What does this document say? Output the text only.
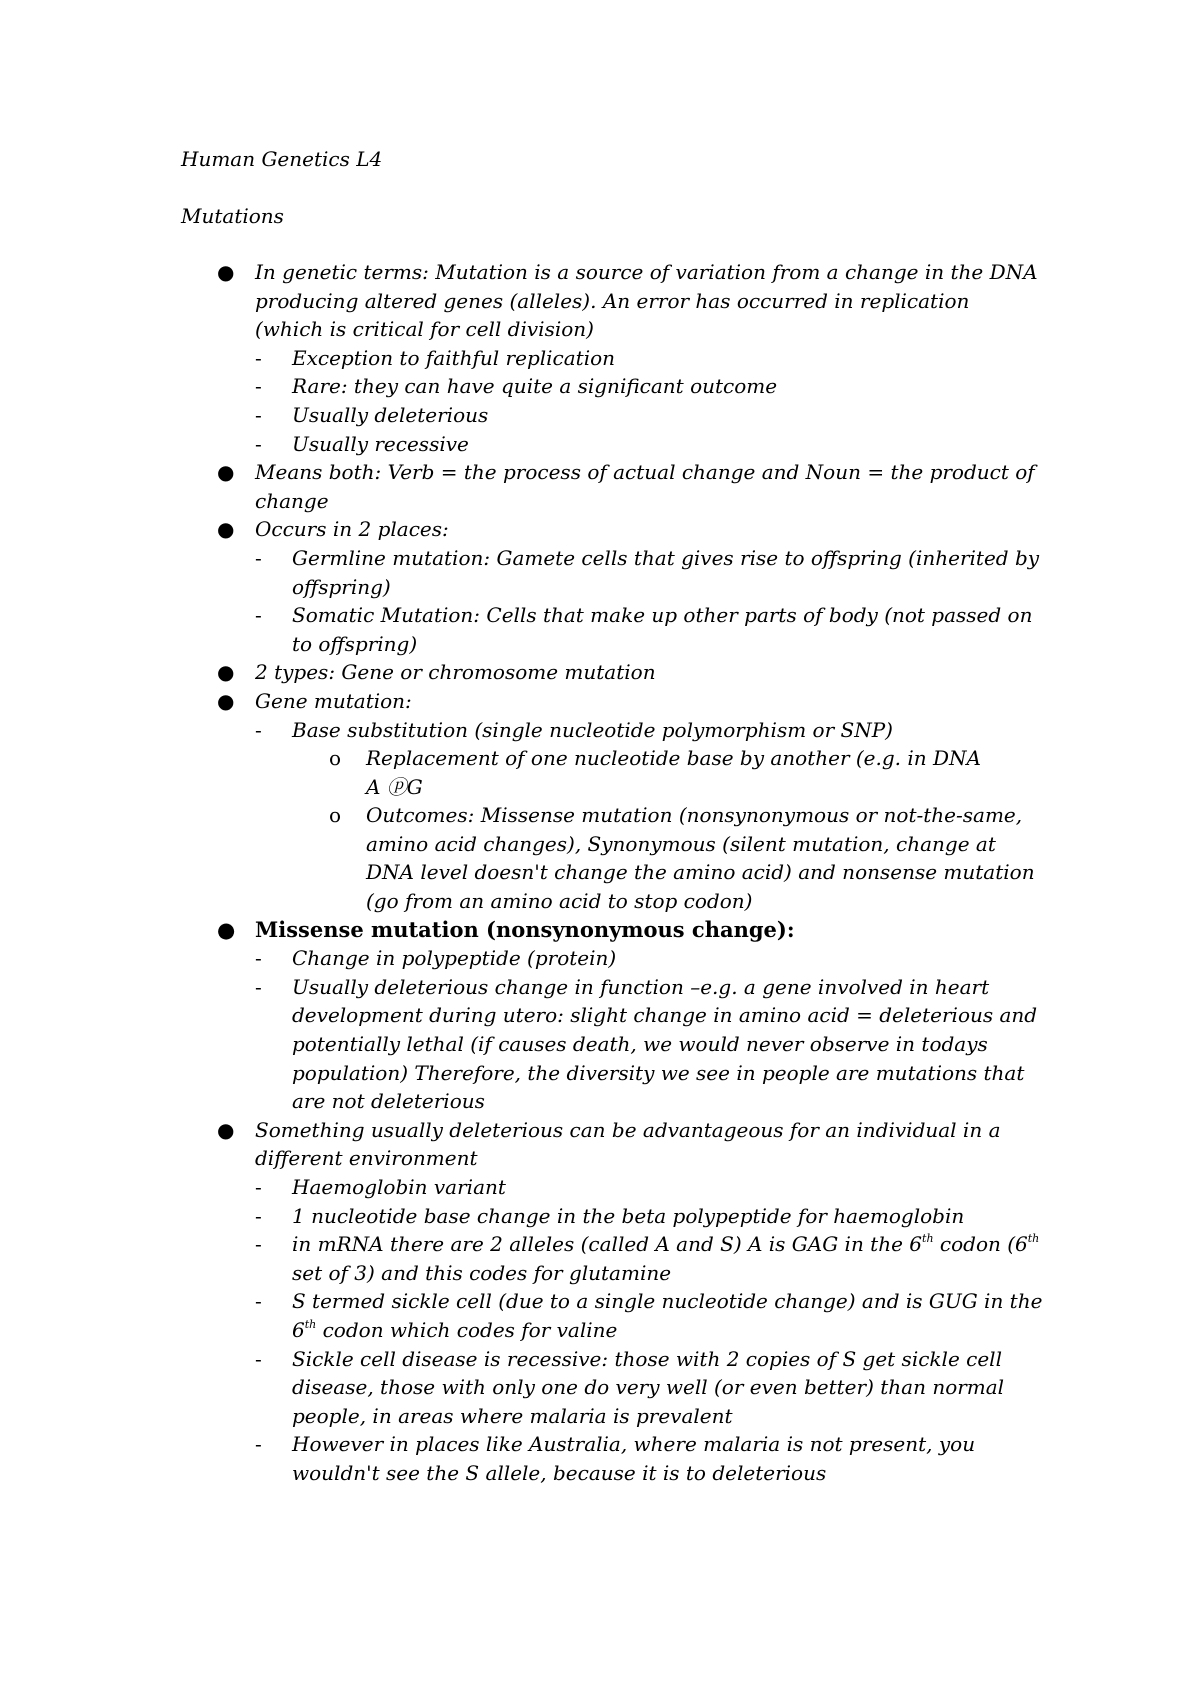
Human Genetics L4
Mutations
● In genetic terms: Mutation is a source of variation from a change in the DNA
producing altered genes (alleles). An error has occurred in replication
(which is critical for cell division)
- Exception to faithful replication
- Rare: they can have quite a significant outcome
- Usually deleterious
- Usually recessive
● Means both: Verb = the process of actual change and Noun = the product of
change
● Occurs in 2 places:
- Germline mutation: Gamete cells that gives rise to offspring (inherited by
offspring)
- Somatic Mutation: Cells that make up other parts of body (not passed on
to offspring)
● 2 types: Gene or chromosome mutation
● Gene mutation:
- Base substitution (single nucleotide polymorphism or SNP)
o Replacement of one nucleotide base by another (e.g. in DNA
A ⓟG
o Outcomes: Missense mutation (nonsynonymous or not-the-same,
amino acid changes), Synonymous (silent mutation, change at
DNA level doesn't change the amino acid) and nonsense mutation
(go from an amino acid to stop codon)
● Missense mutation (nonsynonymous change):
- Change in polypeptide (protein)
- Usually deleterious change in function –e.g. a gene involved in heart
development during utero: slight change in amino acid = deleterious and
potentially lethal (if causes death, we would never observe in todays
population) Therefore, the diversity we see in people are mutations that
are not deleterious
● Something usually deleterious can be advantageous for an individual in a
different environment
- Haemoglobin variant
- 1 nucleotide base change in the beta polypeptide for haemoglobin
- in mRNA there are 2 alleles (called A and S) A is GAG in the 6th codon (6th
set of 3) and this codes for glutamine
- S termed sickle cell (due to a single nucleotide change) and is GUG in the
6th codon which codes for valine
- Sickle cell disease is recessive: those with 2 copies of S get sickle cell
disease, those with only one do very well (or even better) than normal
people, in areas where malaria is prevalent
- However in places like Australia, where malaria is not present, you
wouldn't see the S allele, because it is to deleterious
